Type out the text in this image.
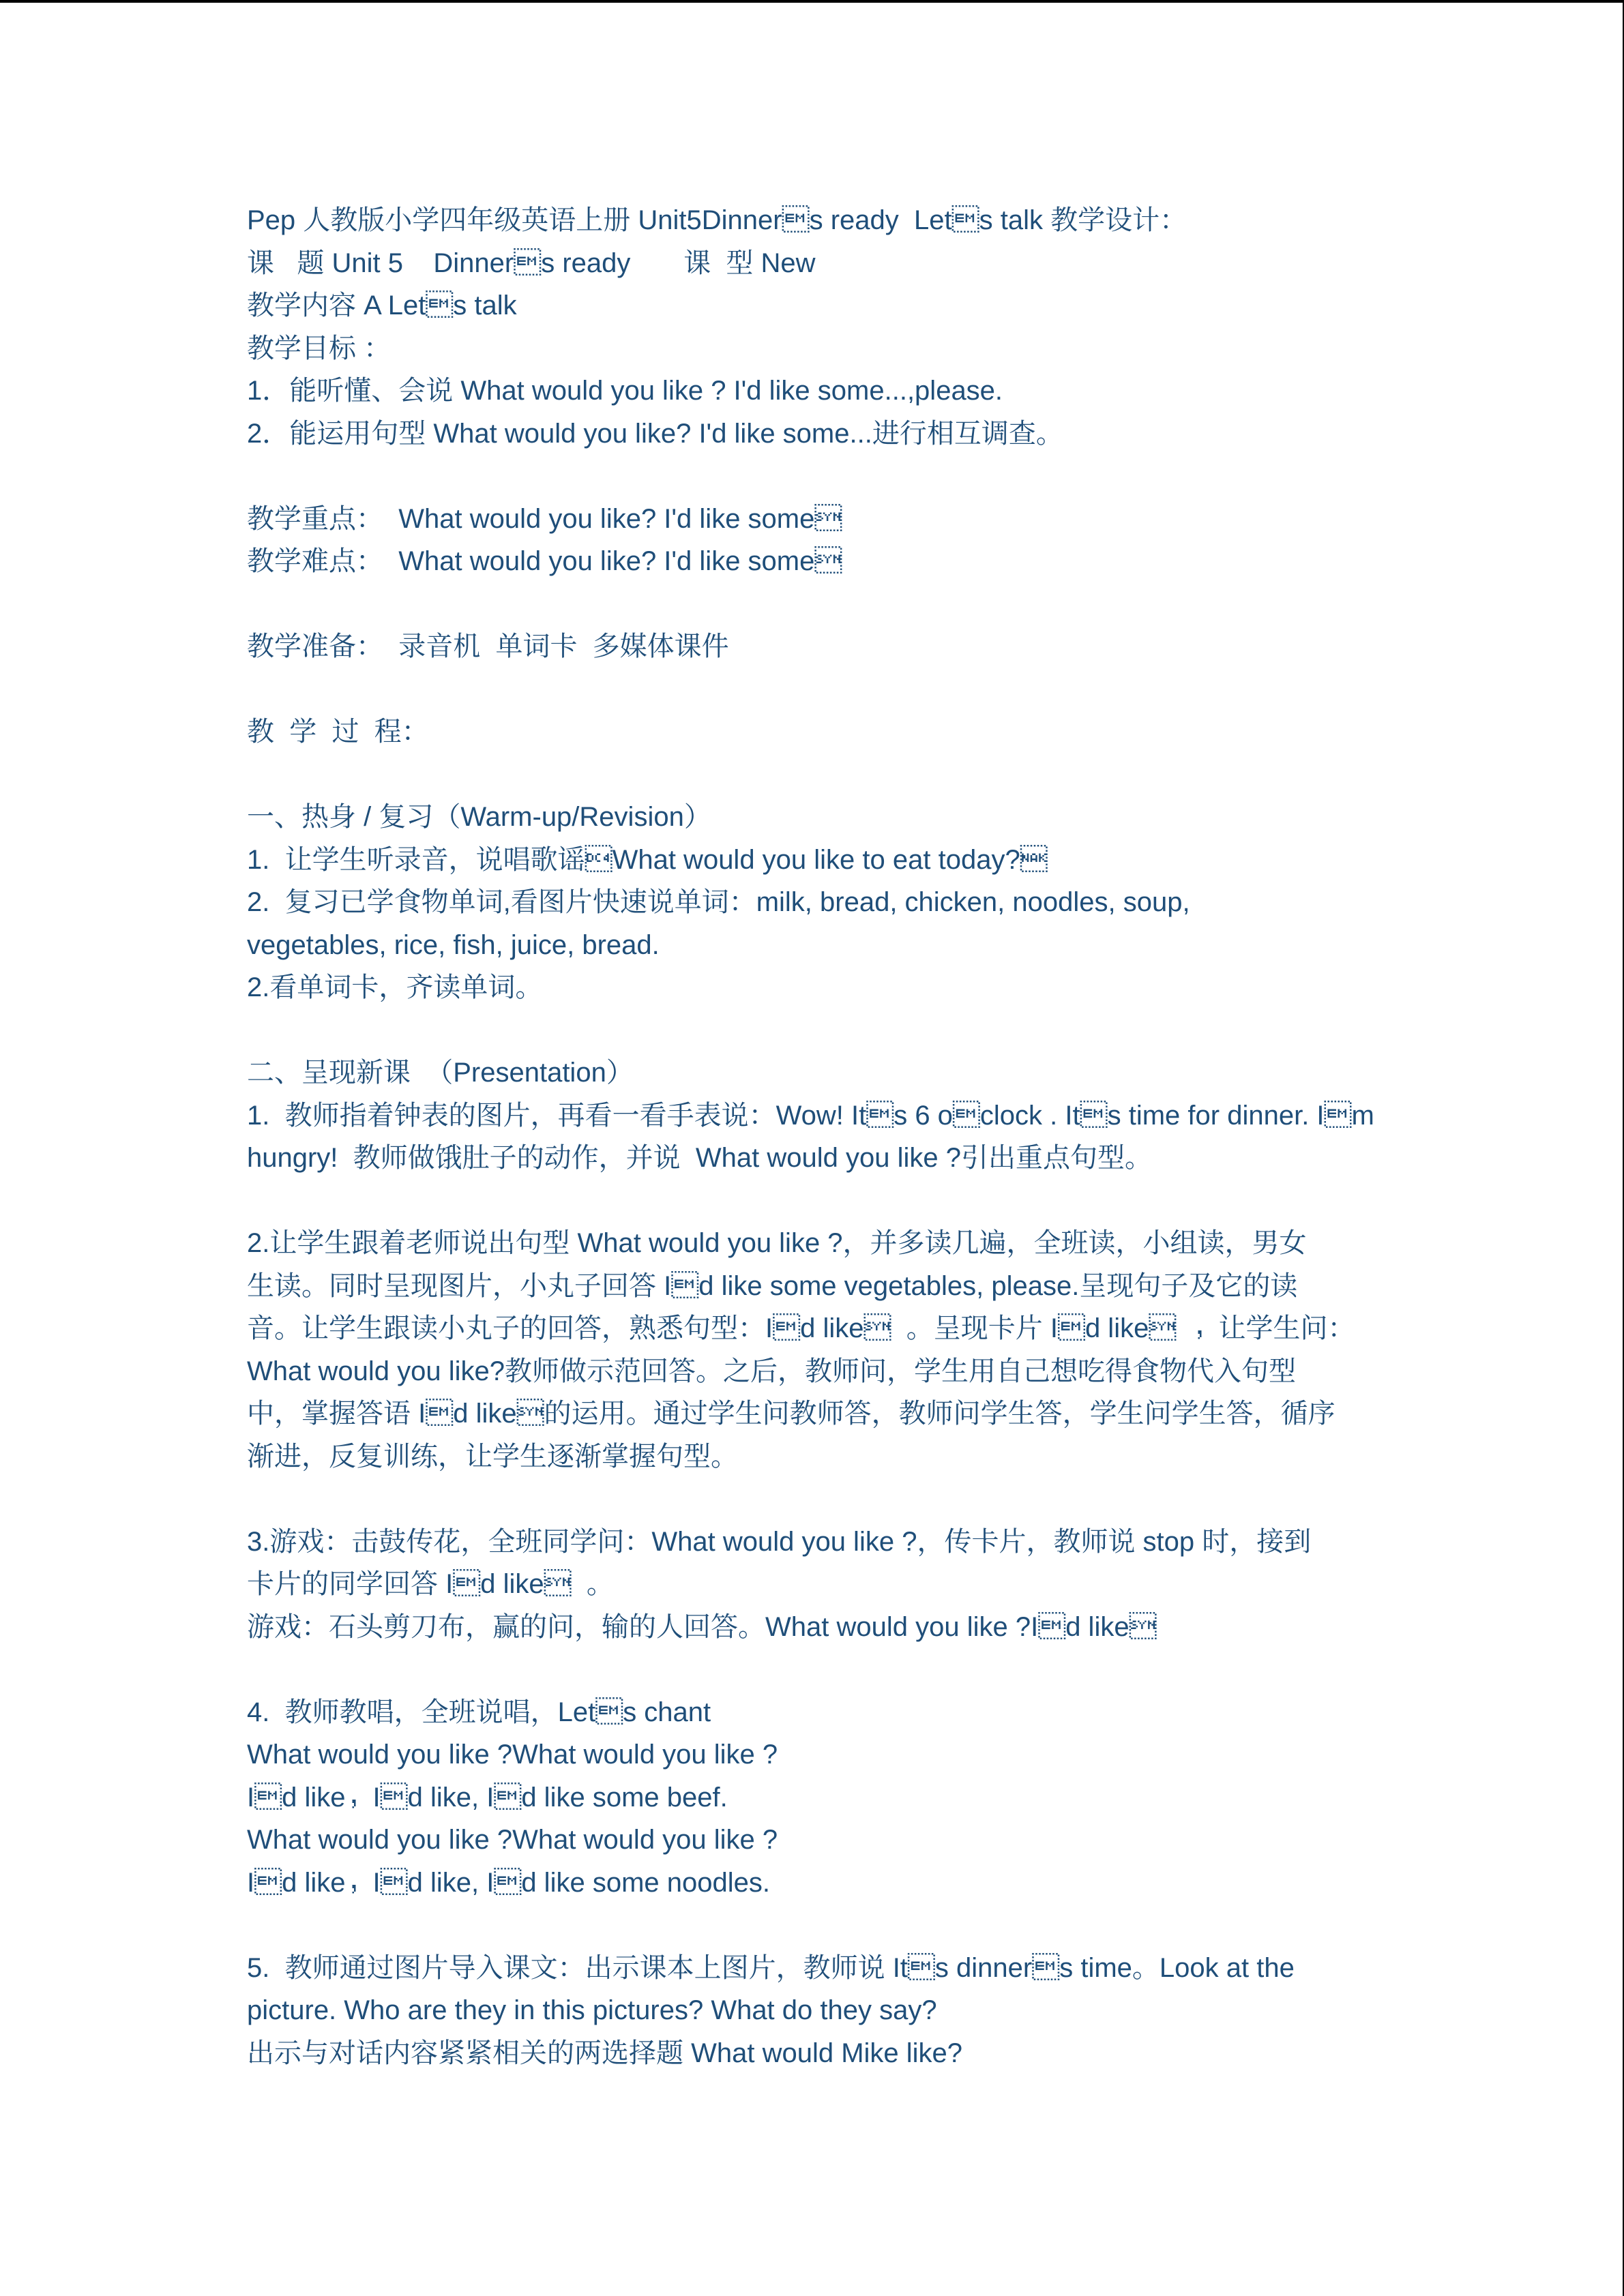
Pep 人教版小学四年级英语上册 Unit5Dinners ready  Lets talk 教学设计：
课   题 Unit 5    Dinners ready       课  型 New
教学内容 A Lets talk
教学目标 ：
1．能听懂、会说 What would you like ? I'd like some...,please.
2．能运用句型 What would you like? I'd like some...进行相互调查。
教学重点：  What would you like? I'd like some
教学难点：  What would you like? I'd like some
教学准备：  录音机  单词卡  多媒体课件
教  学  过  程：
一、热身 / 复习（Warm-up/Revision）
1.  让学生听录音，说唱歌谣What would you like to eat today?
2.  复习已学食物单词,看图片快速说单词：milk, bread, chicken, noodles, soup,
vegetables, rice, fish, juice, bread.
2.看单词卡，齐读单词。
二、呈现新课  （Presentation）
1.  教师指着钟表的图片，再看一看手表说：Wow! Its 6 oclock . Its time for dinner. Im
hungry!  教师做饿肚子的动作，并说  What would you like ?引出重点句型。
2.让学生跟着老师说出句型 What would you like ?，并多读几遍，全班读，小组读，男女
生读。同时呈现图片，小丸子回答 Id like some vegetables, please.呈现句子及它的读
音。让学生跟读小丸子的回答，熟悉句型：Id like  。呈现卡片 Id like  ，让学生问：
What would you like?教师做示范回答。之后，教师问，学生用自己想吃得食物代入句型
中，掌握答语 Id like的运用。通过学生问教师答，教师问学生答，学生问学生答，循序
渐进，反复训练，让学生逐渐掌握句型。
3.游戏：击鼓传花，全班同学问：What would you like ?，传卡片，教师说 stop 时，接到
卡片的同学回答 Id like  。
游戏：石头剪刀布，赢的问，输的人回答。What would you like ?Id like
4.  教师教唱，全班说唱，Lets chant
What would you like ?What would you like ?
Id like，Id like, Id like some beef.
What would you like ?What would you like ?
Id like，Id like, Id like some noodles.
5.  教师通过图片导入课文：出示课本上图片，教师说 Its dinners time。Look at the
picture. Who are they in this pictures? What do they say?
出示与对话内容紧紧相关的两选择题 What would Mike like?
